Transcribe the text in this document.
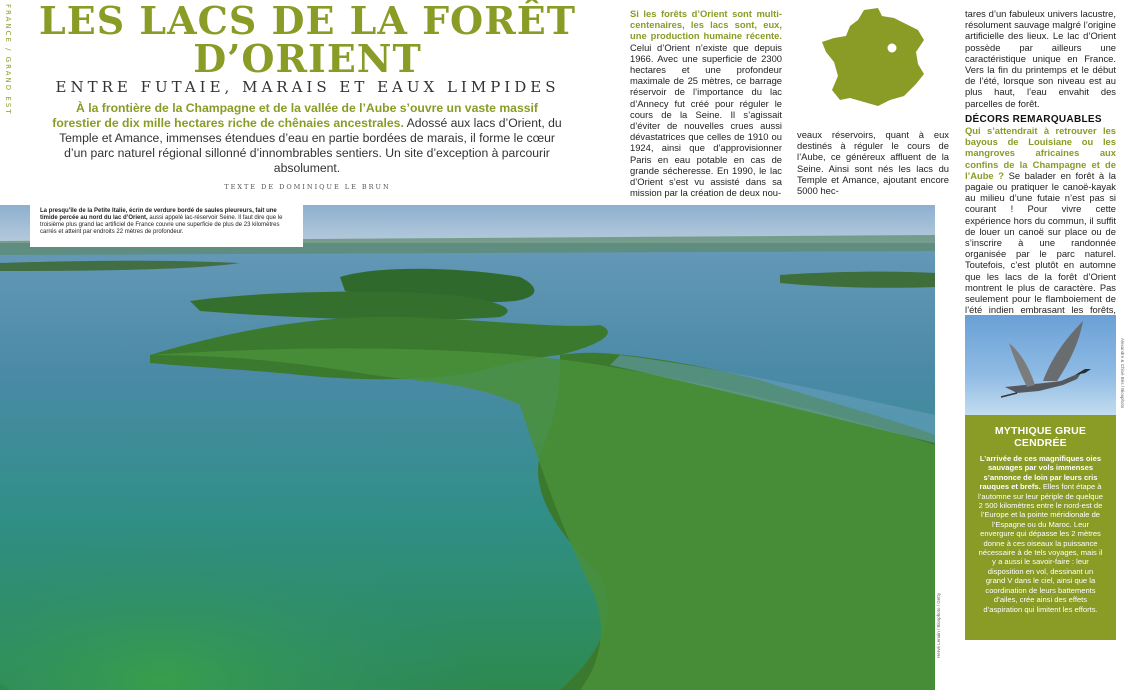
FRANCE / GRAND EST LES LACS DE LA FORÊT
D’ORIENT
ENTRE FUTAIE, MARAIS ET EAUX LIMPIDES

À la frontière de la Champagne et de la vallée de l’Aube s’ouvre un vaste massif forestier de dix mille hectares riche de chênaies ancestrales. Adossé aux lacs d’Orient, du Temple et Amance, immenses étendues d’eau en partie bordées de marais, il forme le cœur d’un parc naturel régional sillonné d’innombrables sentiers. Un site d’exception à parcourir absolument.

TEXTE DE DOMINIQUE LE BRUN
Hervé Lenain / Biosphoto / Getty
La presqu’île de la Petite Italie, écrin de verdure bordé de saules pleureurs, fait une timide percée au nord du lac d’Orient, aussi appelé lac-réservoir Seine. Il faut dire que le troisième plus grand lac artificiel de France couvre une superficie de plus de 23 kilomètres carrés et atteint par endroits 22 mètres de profondeur.
Si les forêts d’Orient sont multi-centenaires, les lacs sont, eux, une production humaine récente. Celui d’Orient n’existe que depuis 1966. Avec une superficie de 2300 hectares et une profondeur maximale de 25 mètres, ce barrage réservoir de l’importance du lac d’Annecy fut créé pour réguler le cours de la Seine. Il s’agissait d’éviter de nouvelles crues aussi dévastatrices que celles de 1910 ou 1924, ainsi que d’approvisionner Paris en eau potable en cas de grande sécheresse. En 1990, le lac d’Orient s’est vu assisté dans sa mission par la création de deux nou-
veaux réservoirs, quant à eux destinés à réguler le cours de l’Aube, ce généreux affluent de la Seine. Ainsi sont nés les lacs du Temple et Amance, ajoutant encore 5000 hec-
tares d’un fabuleux univers lacustre, résolument sauvage malgré l’origine artificielle des lieux. Le lac d’Orient possède par ailleurs une caractéristique unique en France. Vers la fin du printemps et le début de l’été, lorsque son niveau est au plus haut, l’eau envahit des parcelles de forêt.
DÉCORS REMARQUABLES
Qui s’attendrait à retrouver les bayous de Louisiane ou les mangroves africaines aux confins de la Champagne et de l’Aube ? Se balader en forêt à la pagaie ou pratiquer le canoë-kayak au milieu d’une futaie n’est pas si courant ! Pour vivre cette expérience hors du commun, il suffit de louer un canoë sur place ou de s’inscrire à une randonnée organisée par le parc naturel. Toutefois, c’est plutôt en automne que les lacs de la forêt d’Orient montrent le plus de caractère. Pas seulement pour le flamboiement de l’été indien embrasant les forêts,
Alexandre & Chloé Bès / Biosphoto
MYTHIQUE GRUE CENDRÉE

L’arrivée de ces magnifiques oies sauvages par vols immenses s’annonce de loin par leurs cris rauques et brefs. Elles font étape à l’automne sur leur périple de quelque 2 500 kilomètres entre le nord-est de l’Europe et la pointe méridionale de l’Espagne ou du Maroc. Leur envergure qui dépasse les 2 mètres donne à ces oiseaux la puissance nécessaire à de tels voyages, mais il y a aussi le savoir-faire : leur disposition en vol, dessinant un grand V dans le ciel, ainsi que la coordination de leurs battements d’ailes, crée ainsi des effets d’aspiration qui limitent les efforts.
